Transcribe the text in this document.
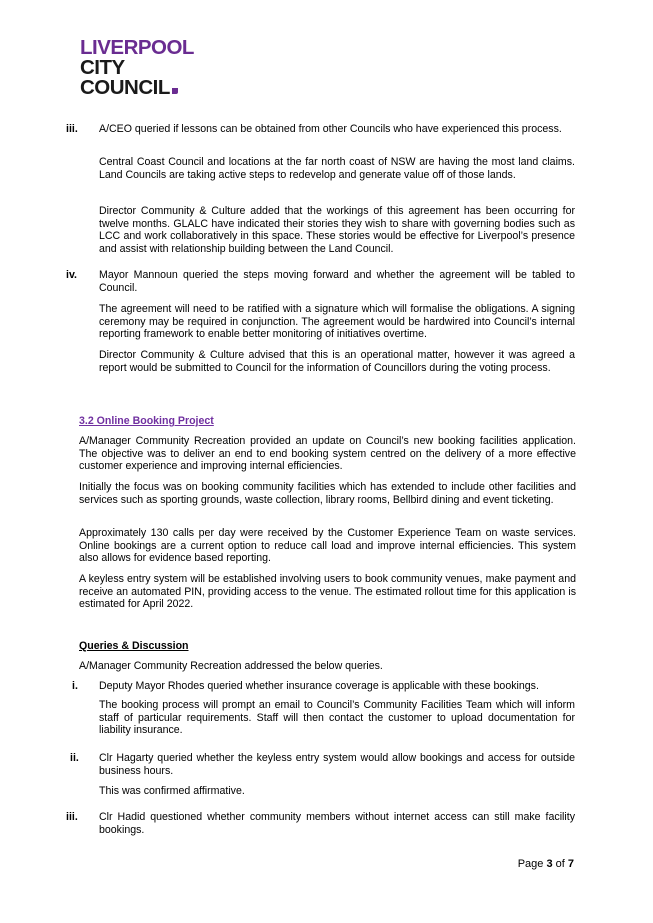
LIVERPOOL
CITY
COUNCIL
iii.	A/CEO queried if lessons can be obtained from other Councils who have experienced this process.
Central Coast Council and locations at the far north coast of NSW are having the most land claims. Land Councils are taking active steps to redevelop and generate value off of those lands.
Director Community & Culture added that the workings of this agreement has been occurring for twelve months. GLALC have indicated their stories they wish to share with governing bodies such as LCC and work collaboratively in this space. These stories would be effective for Liverpool’s presence and assist with relationship building between the Land Council.
iv.	Mayor Mannoun queried the steps moving forward and whether the agreement will be tabled to Council.
The agreement will need to be ratified with a signature which will formalise the obligations. A signing ceremony may be required in conjunction. The agreement would be hardwired into Council’s internal reporting framework to enable better monitoring of initiatives overtime.
Director Community & Culture advised that this is an operational matter, however it was agreed a report would be submitted to Council for the information of Councillors during the voting process.
3.2 Online Booking Project
A/Manager Community Recreation provided an update on Council’s new booking facilities application. The objective was to deliver an end to end booking system centred on the delivery of a more effective customer experience and improving internal efficiencies.
Initially the focus was on booking community facilities which has extended to include other facilities and services such as sporting grounds, waste collection, library rooms, Bellbird dining and event ticketing.
Approximately 130 calls per day were received by the Customer Experience Team on waste services. Online bookings are a current option to reduce call load and improve internal efficiencies. This system also allows for evidence based reporting.
A keyless entry system will be established involving users to book community venues, make payment and receive an automated PIN, providing access to the venue. The estimated rollout time for this application is estimated for April 2022.
Queries & Discussion
A/Manager Community Recreation addressed the below queries.
i.	Deputy Mayor Rhodes queried whether insurance coverage is applicable with these bookings.
The booking process will prompt an email to Council’s Community Facilities Team which will inform staff of particular requirements. Staff will then contact the customer to upload documentation for liability insurance.
ii.	Clr Hagarty queried whether the keyless entry system would allow bookings and access for outside business hours.
This was confirmed affirmative.
iii.	Clr Hadid questioned whether community members without internet access can still make facility bookings.
Page 3 of 7
